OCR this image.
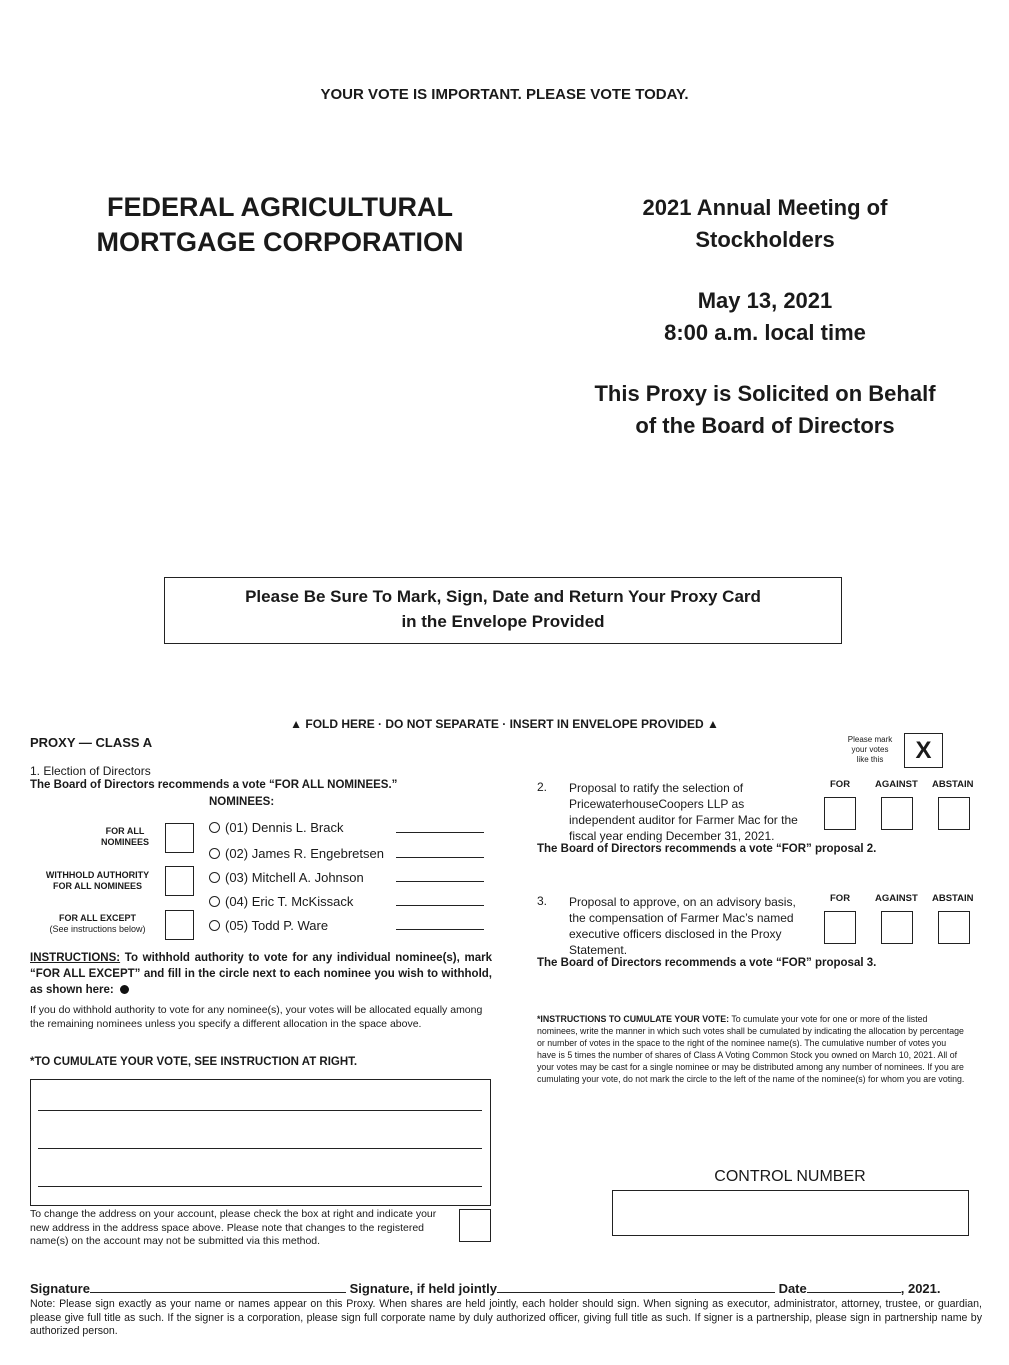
YOUR VOTE IS IMPORTANT. PLEASE VOTE TODAY.
FEDERAL AGRICULTURAL
MORTGAGE CORPORATION
2021 Annual Meeting of
Stockholders
May 13, 2021
8:00 a.m. local time
This Proxy is Solicited on Behalf
of the Board of Directors
Please Be Sure To Mark, Sign, Date and Return Your Proxy Card
in the Envelope Provided
▲ FOLD HERE · DO NOT SEPARATE · INSERT IN ENVELOPE PROVIDED ▲
PROXY — CLASS A	Please mark
your votes
like this	X
1. Election of Directors
The Board of Directors recommends a vote “FOR ALL NOMINEES.”
NOMINEES:
FOR ALL
NOMINEES
WITHHOLD AUTHORITY
FOR ALL NOMINEES
FOR ALL EXCEPT
(See instructions below)
(01) Dennis L. Brack
(02) James R. Engebretsen
(03) Mitchell A. Johnson
(04) Eric T. McKissack
(05) Todd P. Ware
INSTRUCTIONS: To withhold authority to vote for any individual nominee(s), mark “FOR ALL EXCEPT” and fill in the circle next to each nominee you wish to withhold, as shown here:
If you do withhold authority to vote for any nominee(s), your votes will be allocated equally among the remaining nominees unless you specify a different allocation in the space above.
*TO CUMULATE YOUR VOTE, SEE INSTRUCTION AT RIGHT.
To change the address on your account, please check the box at right and indicate your new address in the address space above. Please note that changes to the registered name(s) on the account may not be submitted via this method.
2. Proposal to ratify the selection of
PricewaterhouseCoopers LLP as
independent auditor for Farmer Mac for the
fiscal year ending December 31, 2021.
The Board of Directors recommends a vote “FOR” proposal 2.
FOR	AGAINST ABSTAIN
3. Proposal to approve, on an advisory basis,
the compensation of Farmer Mac’s named
executive officers disclosed in the Proxy
Statement.
The Board of Directors recommends a vote “FOR” proposal 3.
FOR	AGAINST ABSTAIN
*INSTRUCTIONS TO CUMULATE YOUR VOTE: To cumulate your vote for one or more of the listed nominees, write the manner in which such votes shall be cumulated by indicating the allocation by percentage or number of votes in the space to the right of the nominee name(s). The cumulative number of votes you have is 5 times the number of shares of Class A Voting Common Stock you owned on March 10, 2021. All of your votes may be cast for a single nominee or may be distributed among any number of nominees. If you are cumulating your vote, do not mark the circle to the left of the name of the nominee(s) for whom you are voting.
CONTROL NUMBER
Signature	Signature, if held jointly	Date	, 2021.
Note: Please sign exactly as your name or names appear on this Proxy. When shares are held jointly, each holder should sign. When signing as executor, administrator, attorney, trustee, or guardian, please give full title as such. If the signer is a corporation, please sign full corporate name by duly authorized officer, giving full title as such. If signer is a partnership, please sign in partnership name by authorized person.
